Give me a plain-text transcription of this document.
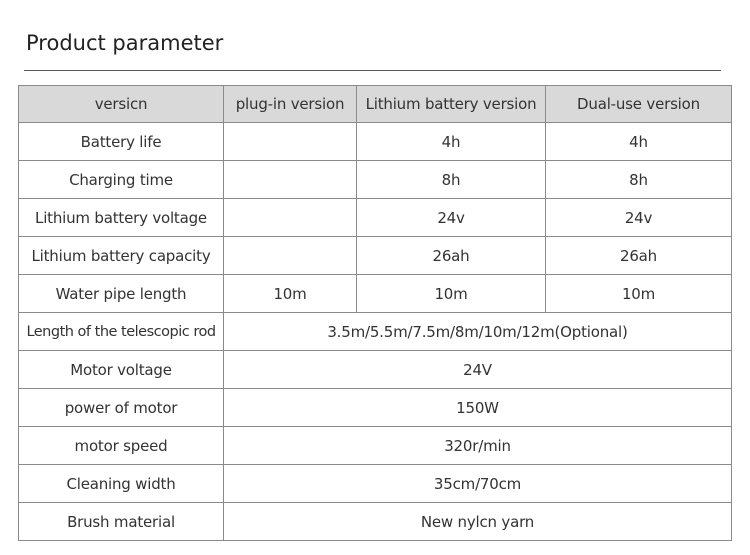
Product parameter
versicn	plug-in version	Lithium battery version	Dual-use version
Battery life		4h	4h
Charging time		8h	8h
Lithium battery voltage		24v	24v
Lithium battery capacity		26ah	26ah
Water pipe length	10m	10m	10m
Length of the telescopic rod	3.5m/5.5m/7.5m/8m/10m/12m(Optional)		
Motor voltage	24V		
power of motor	150W		
motor speed	320r/min		
Cleaning width	35cm/70cm		
Brush material	New nylcn yarn		
